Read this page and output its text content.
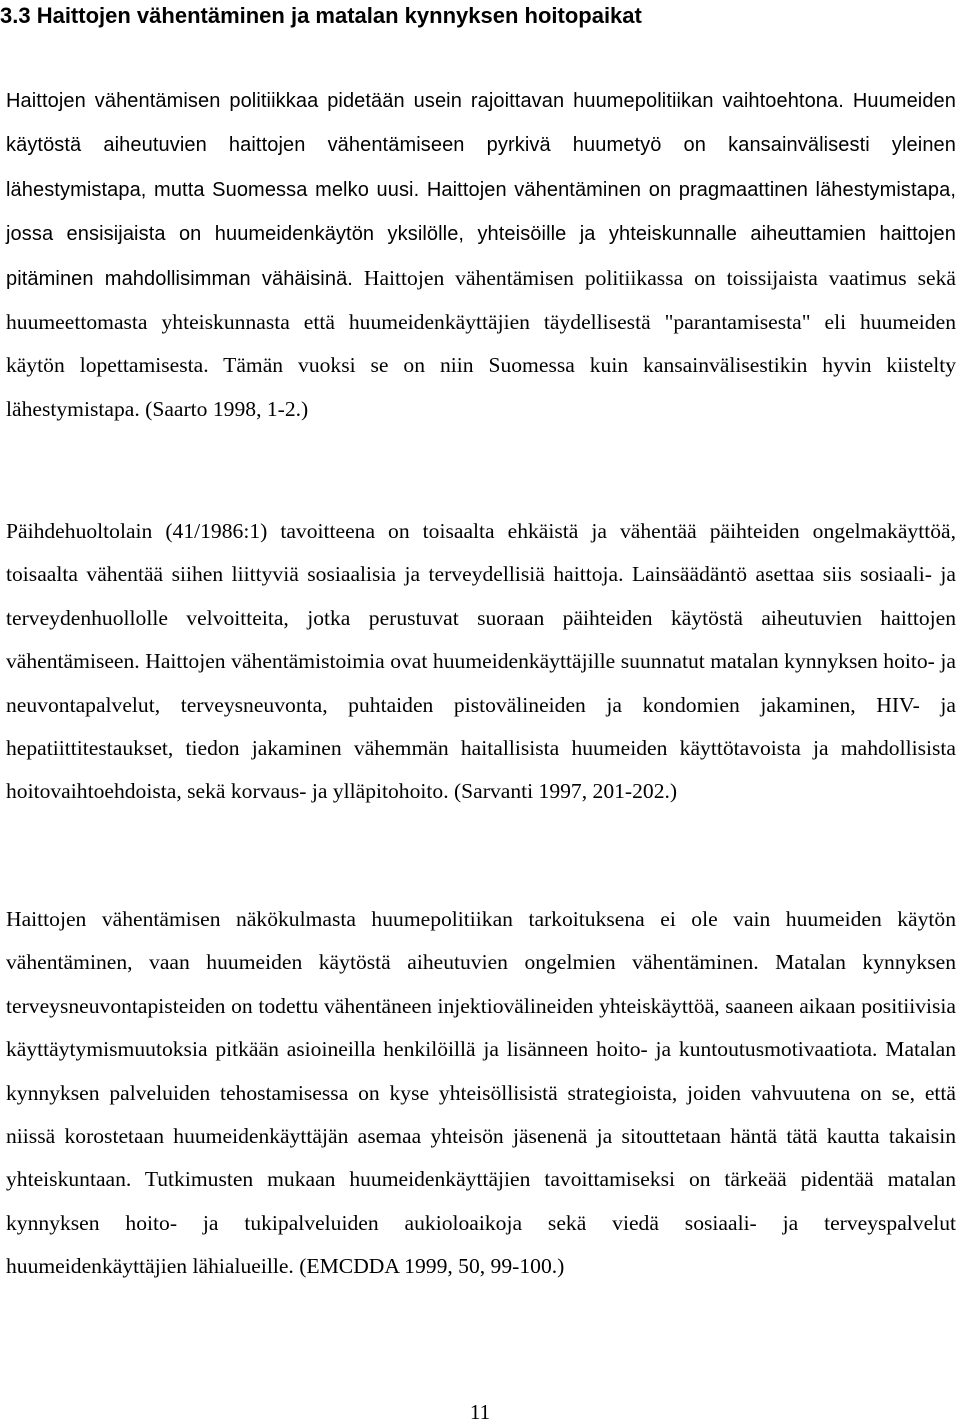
3.3 Haittojen vähentäminen ja matalan kynnyksen hoitopaikat
Haittojen vähentämisen politiikkaa pidetään usein rajoittavan huumepolitiikan vaihtoehtona. Huumeiden käytöstä aiheutuvien haittojen vähentämiseen pyrkivä huumetyö on kansainvälisesti yleinen lähestymistapa, mutta Suomessa melko uusi. Haittojen vähentäminen on pragmaattinen lähestymistapa, jossa ensisijaista on huumeidenkäytön yksilölle, yhteisöille ja yhteiskunnalle aiheuttamien haittojen pitäminen mahdollisimman vähäisinä. Haittojen vähentämisen politiikassa on toissijaista vaatimus sekä huumeettomasta yhteiskunnasta että huumeidenkäyttäjien täydellisestä "parantamisesta" eli huumeiden käytön lopettamisesta. Tämän vuoksi se on niin Suomessa kuin kansainvälisestikin hyvin kiistelty lähestymistapa. (Saarto 1998, 1-2.)
Päihdehuoltolain (41/1986:1) tavoitteena on toisaalta ehkäistä ja vähentää päihteiden ongelmakäyttöä, toisaalta vähentää siihen liittyviä sosiaalisia ja terveydellisiä haittoja. Lainsäädäntö asettaa siis sosiaali- ja terveydenhuollolle velvoitteita, jotka perustuvat suoraan päihteiden käytöstä aiheutuvien haittojen vähentämiseen. Haittojen vähentämistoimia ovat huumeidenkäyttäjille suunnatut matalan kynnyksen hoito- ja neuvontapalvelut, terveysneuvonta, puhtaiden pistovälineiden ja kondomien jakaminen, HIV- ja hepatiittitestaukset, tiedon jakaminen vähemmän haitallisista huumeiden käyttötavoista ja mahdollisista hoitovaihtoehdoista, sekä korvaus- ja ylläpitohoito. (Sarvanti 1997, 201-202.)
Haittojen vähentämisen näkökulmasta huumepolitiikan tarkoituksena ei ole vain huumeiden käytön vähentäminen, vaan huumeiden käytöstä aiheutuvien ongelmien vähentäminen. Matalan kynnyksen terveysneuvontapisteiden on todettu vähentäneen injektiovälineiden yhteiskäyttöä, saaneen aikaan positiivisia käyttäytymismuutoksia pitkään asioineilla henkilöillä ja lisänneen hoito- ja kuntoutusmotivaatiota. Matalan kynnyksen palveluiden tehostamisessa on kyse yhteisöllisistä strategioista, joiden vahvuutena on se, että niissä korostetaan huumeidenkäyttäjän asemaa yhteisön jäsenenä ja sitouttetaan häntä tätä kautta takaisin yhteiskuntaan. Tutkimusten mukaan huumeidenkäyttäjien tavoittamiseksi on tärkeää pidentää matalan kynnyksen hoito- ja tukipalveluiden aukioloaikoja sekä viedä sosiaali- ja terveyspalvelut huumeidenkäyttäjien lähialueille. (EMCDDA 1999, 50, 99-100.)
11
